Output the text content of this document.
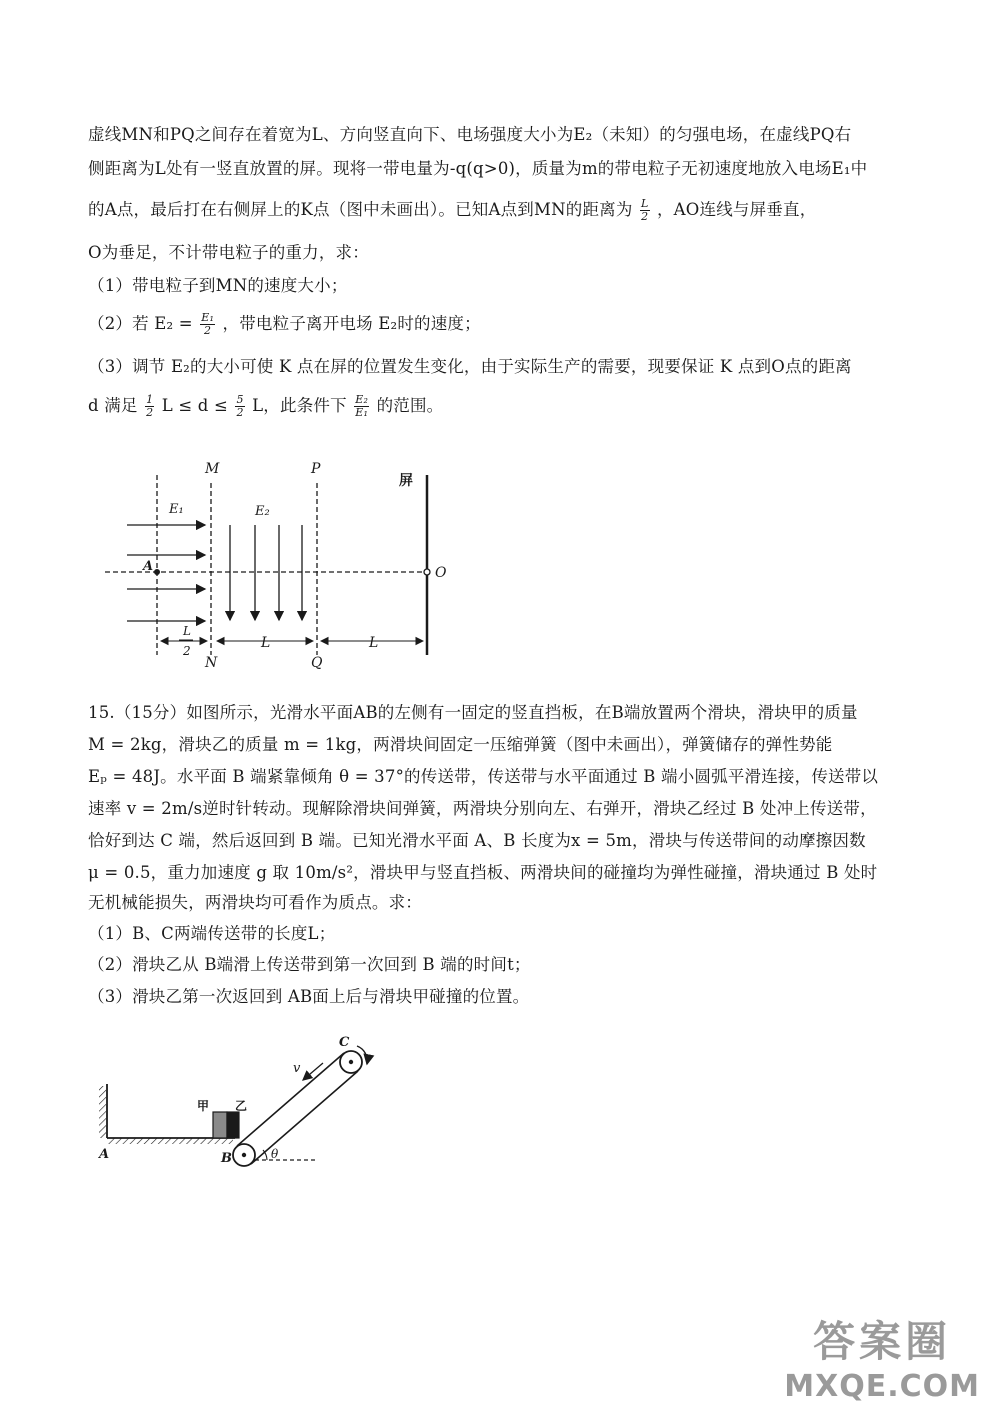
虚线MN和PQ之间存在着宽为L、方向竖直向下、电场强度大小为E₂（未知）的匀强电场，在虚线PQ右
侧距离为L处有一竖直放置的屏。现将一带电量为-q(q>0)，质量为m的带电粒子无初速度地放入电场E₁中
的A点，最后打在右侧屏上的K点（图中未画出）。已知A点到MN的距离为 $\frac{L}{2}$ ，AO连线与屏垂直，
O为垂足，不计带电粒子的重力，求：
（1）带电粒子到MN的速度大小；
（2）若 $E_2 = \frac{\text{E₁}}{2}$ ，带电粒子离开电场 E₂时的速度；
（3）调节 E₂的大小可使 K 点在屏的位置发生变化，由于实际生产的需要，现要保证 K 点到O点的距离
d 满足 $\frac{1}{2}$ $L \le d \le \frac{5}{2}$ L，此条件下 $\frac{\text{E₂}}{\text{E₁}}$ 的范围。
M	P
屏
E₁	E₂
A	O
L
2	L	L
N	Q
15.（15分）如图所示，光滑水平面AB的左侧有一固定的竖直挡板，在B端放置两个滑块，滑块甲的质量
M = 2kg，滑块乙的质量 m = 1kg，两滑块间固定一压缩弹簧（图中未画出），弹簧储存的弹性势能
Eₚ = 48J。水平面 B 端紧靠倾角 θ = 37°的传送带，传送带与水平面通过 B 端小圆弧平滑连接，传送带以
速率 v = 2m/s逆时针转动。现解除滑块间弹簧，两滑块分别向左、右弹开，滑块乙经过 B 处冲上传送带，
恰好到达 C 端，然后返回到 B 端。已知光滑水平面 A、B 长度为x = 5m，滑块与传送带间的动摩擦因数
μ = 0.5，重力加速度 g 取 10m/s²，滑块甲与竖直挡板、两滑块间的碰撞均为弹性碰撞，滑块通过 B 处时
无机械能损失，两滑块均可看作为质点。求：
（1）B、C两端传送带的长度L；
（2）滑块乙从 B端滑上传送带到第一次回到 B 端的时间t；
（3）滑块乙第一次返回到 AB面上后与滑块甲碰撞的位置。
A	B
C
v
θ
甲 乙
答案圈
MXQE.COM
